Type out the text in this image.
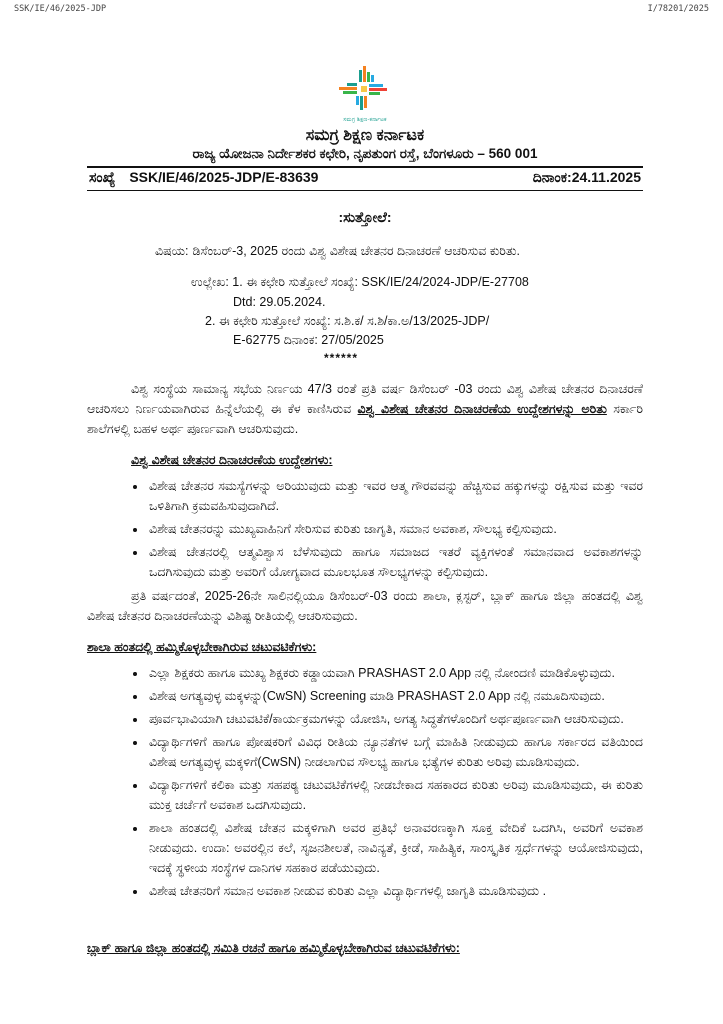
SSK/IE/46/2025-JDP	I/78201/2025
ಸಮಗ್ರ ಶಿಕ್ಷಣ-ಕರ್ನಾಟಕ
ಸಮಗ್ರ ಶಿಕ್ಷಣ ಕರ್ನಾಟಕ
ರಾಜ್ಯ ಯೋಜನಾ ನಿರ್ದೇಶಕರ ಕಛೇರಿ, ನೃಪತುಂಗ ರಸ್ತೆ, ಬೆಂಗಳೂರು – 560 001
ಸಂಖ್ಯೆ SSK/IE/46/2025-JDP/E-83639	ದಿನಾಂಕ:24.11.2025
:ಸುತ್ತೋಲೆ:
ವಿಷಯ: ಡಿಸೆಂಬರ್-3, 2025 ರಂದು ವಿಶ್ವ ವಿಶೇಷ ಚೇತನರ ದಿನಾಚರಣೆ ಆಚರಿಸುವ ಕುರಿತು.
ಉಲ್ಲೇಖ: 1. ಈ ಕಛೇರಿ ಸುತ್ತೋಲೆ ಸಂಖ್ಯೆ: SSK/IE/24/2024-JDP/E-27708
Dtd: 29.05.2024.
2. ಈ ಕಛೇರಿ ಸುತ್ತೋಲೆ ಸಂಖ್ಯೆ: ಸ.ಶಿ.ಕ/ ಸ.ಶಿ/ಕಾ.ಅ/13/2025-JDP/
E-62775 ದಿನಾಂಕ: 27/05/2025
******

ವಿಶ್ವ ಸಂಸ್ಥೆಯ ಸಾಮಾನ್ಯ ಸಭೆಯ ನಿರ್ಣಯ 47/3 ರಂತೆ ಪ್ರತಿ ವರ್ಷ ಡಿಸೆಂಬರ್ -03 ರಂದು ವಿಶ್ವ ವಿಶೇಷ ಚೇತನರ ದಿನಾಚರಣೆ ಆಚರಿಸಲು ನಿರ್ಣಯವಾಗಿರುವ ಹಿನ್ನೆಲೆಯಲ್ಲಿ ಈ ಕೆಳ ಕಾಣಿಸಿರುವ ವಿಶ್ವ ವಿಶೇಷ ಚೇತನರ ದಿನಾಚರಣೆಯ ಉದ್ದೇಶಗಳನ್ನು ಅರಿತು ಸರ್ಕಾರಿ ಶಾಲೆಗಳಲ್ಲಿ ಬಹಳ ಅರ್ಥ ಪೂರ್ಣವಾಗಿ ಆಚರಿಸುವುದು.

ವಿಶ್ವ ವಿಶೇಷ ಚೇತನರ ದಿನಾಚರಣೆಯ ಉದ್ದೇಶಗಳು:
• ವಿಶೇಷ ಚೇತನರ ಸಮಸ್ಯೆಗಳನ್ನು ಅರಿಯುವುದು ಮತ್ತು ಇವರ ಆತ್ಮ ಗೌರವವನ್ನು ಹೆಚ್ಚಿಸುವ ಹಕ್ಕುಗಳನ್ನು ರಕ್ಷಿಸುವ ಮತ್ತು ಇವರ ಒಳಿತಿಗಾಗಿ ಕ್ರಮವಹಿಸುವುದಾಗಿದೆ.
• ವಿಶೇಷ ಚೇತನರನ್ನು ಮುಖ್ಯವಾಹಿನಿಗೆ ಸೇರಿಸುವ ಕುರಿತು ಜಾಗೃತಿ, ಸಮಾನ ಅವಕಾಶ, ಸೌಲಭ್ಯ ಕಲ್ಪಿಸುವುದು.
• ವಿಶೇಷ ಚೇತನರಲ್ಲಿ ಆತ್ಮವಿಶ್ವಾಸ ಬೆಳೆಸುವುದು ಹಾಗೂ ಸಮಾಜದ ಇತರೆ ವ್ಯಕ್ತಿಗಳಂತೆ ಸಮಾನವಾದ ಅವಕಾಶಗಳನ್ನು ಒದಗಿಸುವುದು ಮತ್ತು ಅವರಿಗೆ ಯೋಗ್ಯವಾದ ಮೂಲಭೂತ ಸೌಲಭ್ಯಗಳನ್ನು ಕಲ್ಪಿಸುವುದು.

ಪ್ರತಿ ವರ್ಷದಂತೆ, 2025-26ನೇ ಸಾಲಿನಲ್ಲಿಯೂ ಡಿಸೆಂಬರ್-03 ರಂದು ಶಾಲಾ, ಕ್ಲಸ್ಟರ್, ಬ್ಲಾಕ್ ಹಾಗೂ ಜಿಲ್ಲಾ ಹಂತದಲ್ಲಿ ವಿಶ್ವ ವಿಶೇಷ ಚೇತನರ ದಿನಾಚರಣೆಯನ್ನು ವಿಶಿಷ್ಟ ರೀತಿಯಲ್ಲಿ ಆಚರಿಸುವುದು.

ಶಾಲಾ ಹಂತದಲ್ಲಿ ಹಮ್ಮಿಕೊಳ್ಳಬೇಕಾಗಿರುವ ಚಟುವಟಿಕೆಗಳು:
• ಎಲ್ಲಾ ಶಿಕ್ಷಕರು ಹಾಗೂ ಮುಖ್ಯ ಶಿಕ್ಷಕರು ಕಡ್ಡಾಯವಾಗಿ PRASHAST 2.0 App ನಲ್ಲಿ ನೋಂದಣಿ ಮಾಡಿಕೊಳ್ಳುವುದು.
• ವಿಶೇಷ ಅಗತ್ಯವುಳ್ಳ ಮಕ್ಕಳನ್ನು(CwSN) Screening ಮಾಡಿ PRASHAST 2.0 App ನಲ್ಲಿ ನಮೂದಿಸುವುದು.
• ಪೂರ್ವಭಾವಿಯಾಗಿ ಚಟುವಟಿಕೆ/ಕಾರ್ಯಕ್ರಮಗಳನ್ನು ಯೋಜಿಸಿ, ಅಗತ್ಯ ಸಿದ್ಧತೆಗಳೊಂದಿಗೆ ಅರ್ಥಪೂರ್ಣವಾಗಿ ಆಚರಿಸುವುದು.
• ವಿದ್ಯಾರ್ಥಿಗಳಿಗೆ ಹಾಗೂ ಪೋಷಕರಿಗೆ ವಿವಿಧ ರೀತಿಯ ನ್ಯೂನತೆಗಳ ಬಗ್ಗೆ ಮಾಹಿತಿ ನೀಡುವುದು ಹಾಗೂ ಸರ್ಕಾರದ ವತಿಯಿಂದ ವಿಶೇಷ ಅಗತ್ಯವುಳ್ಳ ಮಕ್ಕಳಿಗೆ(CwSN) ನೀಡಲಾಗುವ ಸೌಲಭ್ಯ ಹಾಗೂ ಭತ್ಯೆಗಳ ಕುರಿತು ಅರಿವು ಮೂಡಿಸುವುದು.
• ವಿದ್ಯಾರ್ಥಿಗಳಿಗೆ ಕಲಿಕಾ ಮತ್ತು ಸಹಪಠ್ಯ ಚಟುವಟಿಕೆಗಳಲ್ಲಿ ನೀಡಬೇಕಾದ ಸಹಕಾರದ ಕುರಿತು ಅರಿವು ಮೂಡಿಸುವುದು, ಈ ಕುರಿತು ಮುಕ್ತ ಚರ್ಚೆಗೆ ಅವಕಾಶ ಒದಗಿಸುವುದು.
• ಶಾಲಾ ಹಂತದಲ್ಲಿ ವಿಶೇಷ ಚೇತನ ಮಕ್ಕಳಿಗಾಗಿ ಅವರ ಪ್ರತಿಭೆ ಅನಾವರಣಕ್ಕಾಗಿ ಸೂಕ್ತ ವೇದಿಕೆ ಒದಗಿಸಿ, ಅವರಿಗೆ ಅವಕಾಶ ನೀಡುವುದು. ಉದಾ: ಅವರಲ್ಲಿನ ಕಲೆ, ಸೃಜನಶೀಲತೆ, ನಾವಿನ್ಯತೆ, ಕ್ರೀಡೆ, ಸಾಹಿತ್ಯಿಕ, ಸಾಂಸ್ಕೃತಿಕ ಸ್ಪರ್ಧೆಗಳನ್ನು ಆಯೋಜಿಸುವುದು, ಇದಕ್ಕೆ ಸ್ಥಳೀಯ ಸಂಸ್ಥೆಗಳ ದಾನಿಗಳ ಸಹಕಾರ ಪಡೆಯುವುದು.
• ವಿಶೇಷ ಚೇತನರಿಗೆ ಸಮಾನ ಅವಕಾಶ ನೀಡುವ ಕುರಿತು ಎಲ್ಲಾ ವಿದ್ಯಾರ್ಥಿಗಳಲ್ಲಿ ಜಾಗೃತಿ ಮೂಡಿಸುವುದು .
ಬ್ಲಾಕ್ ಹಾಗೂ ಜಿಲ್ಲಾ ಹಂತದಲ್ಲಿ ಸಮಿತಿ ರಚನೆ ಹಾಗೂ ಹಮ್ಮಿಕೊಳ್ಳಬೇಕಾಗಿರುವ ಚಟುವಟಿಕೆಗಳು:
